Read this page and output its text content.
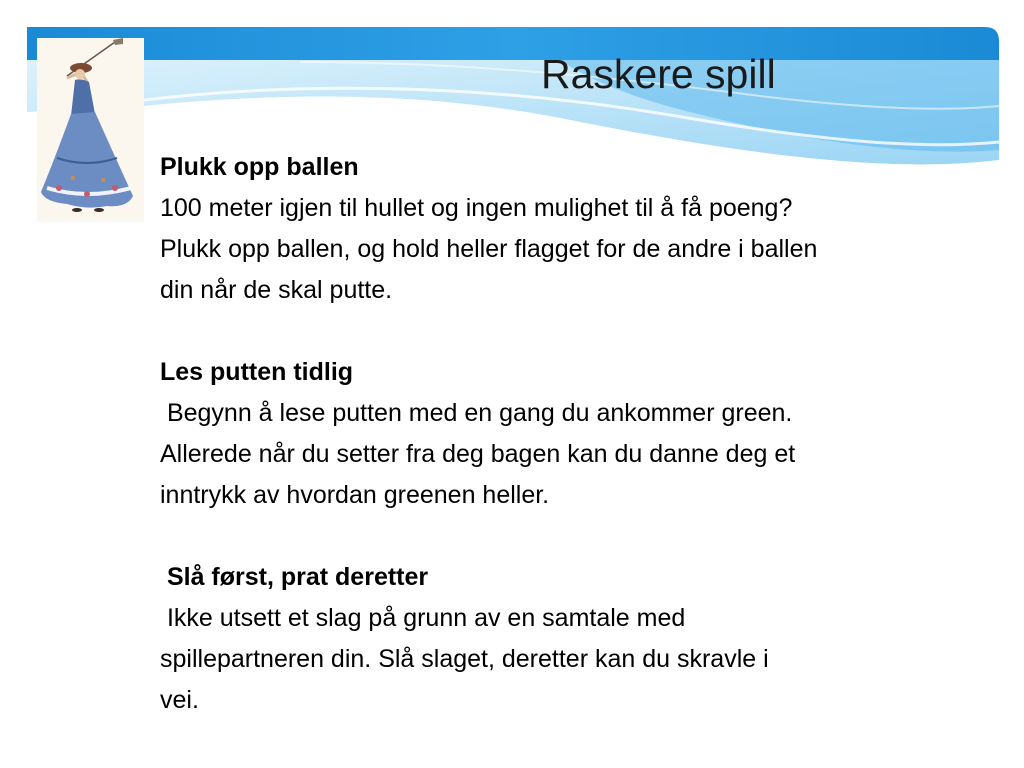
Raskere spill
Plukk opp ballen
100 meter igjen til hullet og ingen mulighet til å få poeng?
Plukk opp ballen, og hold heller flagget for de andre i ballen
din når de skal putte.
Les putten tidlig
Begynn å lese putten med en gang du ankommer green.
Allerede når du setter fra deg bagen kan du danne deg et
inntrykk av hvordan greenen heller.
Slå først, prat deretter
Ikke utsett et slag på grunn av en samtale med
spillepartneren din. Slå slaget, deretter kan du skravle i
vei.
